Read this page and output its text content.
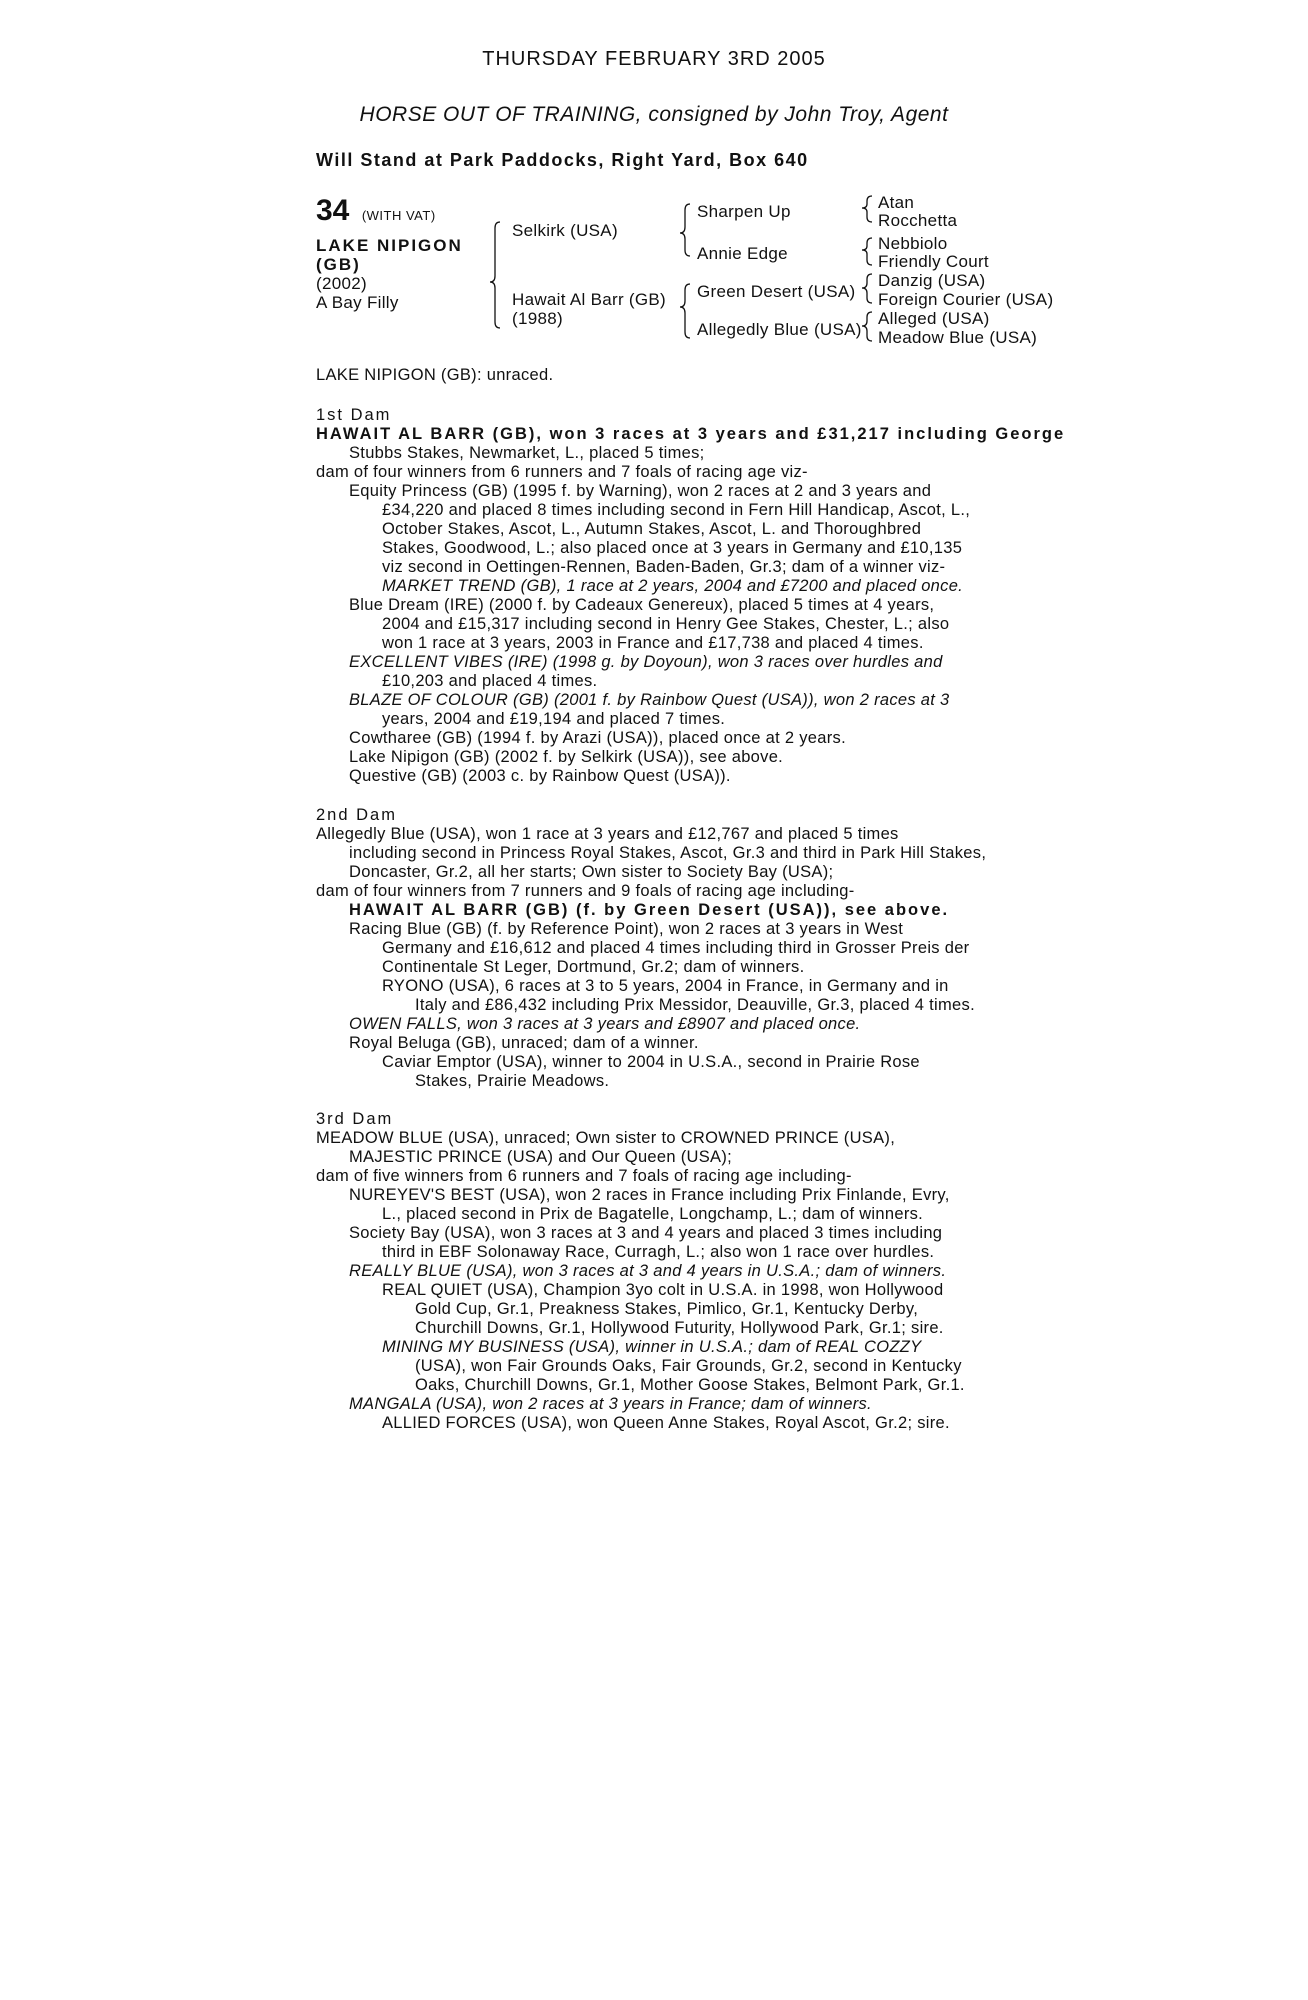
THURSDAY FEBRUARY 3RD 2005
HORSE OUT OF TRAINING, consigned by John Troy, Agent
Will Stand at Park Paddocks, Right Yard, Box 640
34 (WITH VAT)
LAKE NIPIGON
(GB)
(2002)
A Bay Filly
Selkirk (USA)
Hawait Al Barr (GB)
(1988)
Sharpen Up
Annie Edge
Green Desert (USA)
Allegedly Blue (USA)
Atan
Rocchetta
Nebbiolo
Friendly Court
Danzig (USA)
Foreign Courier (USA)
Alleged (USA)
Meadow Blue (USA)
LAKE NIPIGON (GB): unraced.
1st Dam
HAWAIT AL BARR (GB), won 3 races at 3 years and £31,217 including George
Stubbs Stakes, Newmarket, L., placed 5 times;
dam of four winners from 6 runners and 7 foals of racing age viz-
Equity Princess (GB) (1995 f. by Warning), won 2 races at 2 and 3 years and
£34,220 and placed 8 times including second in Fern Hill Handicap, Ascot, L.,
October Stakes, Ascot, L., Autumn Stakes, Ascot, L. and Thoroughbred
Stakes, Goodwood, L.; also placed once at 3 years in Germany and £10,135
viz second in Oettingen-Rennen, Baden-Baden, Gr.3; dam of a winner viz-
MARKET TREND (GB), 1 race at 2 years, 2004 and £7200 and placed once.
Blue Dream (IRE) (2000 f. by Cadeaux Genereux), placed 5 times at 4 years,
2004 and £15,317 including second in Henry Gee Stakes, Chester, L.; also
won 1 race at 3 years, 2003 in France and £17,738 and placed 4 times.
EXCELLENT VIBES (IRE) (1998 g. by Doyoun), won 3 races over hurdles and
£10,203 and placed 4 times.
BLAZE OF COLOUR (GB) (2001 f. by Rainbow Quest (USA)), won 2 races at 3
years, 2004 and £19,194 and placed 7 times.
Cowtharee (GB) (1994 f. by Arazi (USA)), placed once at 2 years.
Lake Nipigon (GB) (2002 f. by Selkirk (USA)), see above.
Questive (GB) (2003 c. by Rainbow Quest (USA)).
2nd Dam
Allegedly Blue (USA), won 1 race at 3 years and £12,767 and placed 5 times
including second in Princess Royal Stakes, Ascot, Gr.3 and third in Park Hill Stakes,
Doncaster, Gr.2, all her starts; Own sister to Society Bay (USA);
dam of four winners from 7 runners and 9 foals of racing age including-
HAWAIT AL BARR (GB) (f. by Green Desert (USA)), see above.
Racing Blue (GB) (f. by Reference Point), won 2 races at 3 years in West
Germany and £16,612 and placed 4 times including third in Grosser Preis der
Continentale St Leger, Dortmund, Gr.2; dam of winners.
RYONO (USA), 6 races at 3 to 5 years, 2004 in France, in Germany and in
Italy and £86,432 including Prix Messidor, Deauville, Gr.3, placed 4 times.
OWEN FALLS, won 3 races at 3 years and £8907 and placed once.
Royal Beluga (GB), unraced; dam of a winner.
Caviar Emptor (USA), winner to 2004 in U.S.A., second in Prairie Rose
Stakes, Prairie Meadows.
3rd Dam
MEADOW BLUE (USA), unraced; Own sister to CROWNED PRINCE (USA),
MAJESTIC PRINCE (USA) and Our Queen (USA);
dam of five winners from 6 runners and 7 foals of racing age including-
NUREYEV'S BEST (USA), won 2 races in France including Prix Finlande, Evry,
L., placed second in Prix de Bagatelle, Longchamp, L.; dam of winners.
Society Bay (USA), won 3 races at 3 and 4 years and placed 3 times including
third in EBF Solonaway Race, Curragh, L.; also won 1 race over hurdles.
REALLY BLUE (USA), won 3 races at 3 and 4 years in U.S.A.; dam of winners.
REAL QUIET (USA), Champion 3yo colt in U.S.A. in 1998, won Hollywood
Gold Cup, Gr.1, Preakness Stakes, Pimlico, Gr.1, Kentucky Derby,
Churchill Downs, Gr.1, Hollywood Futurity, Hollywood Park, Gr.1; sire.
MINING MY BUSINESS (USA), winner in U.S.A.; dam of REAL COZZY
(USA), won Fair Grounds Oaks, Fair Grounds, Gr.2, second in Kentucky
Oaks, Churchill Downs, Gr.1, Mother Goose Stakes, Belmont Park, Gr.1.
MANGALA (USA), won 2 races at 3 years in France; dam of winners.
ALLIED FORCES (USA), won Queen Anne Stakes, Royal Ascot, Gr.2; sire.
